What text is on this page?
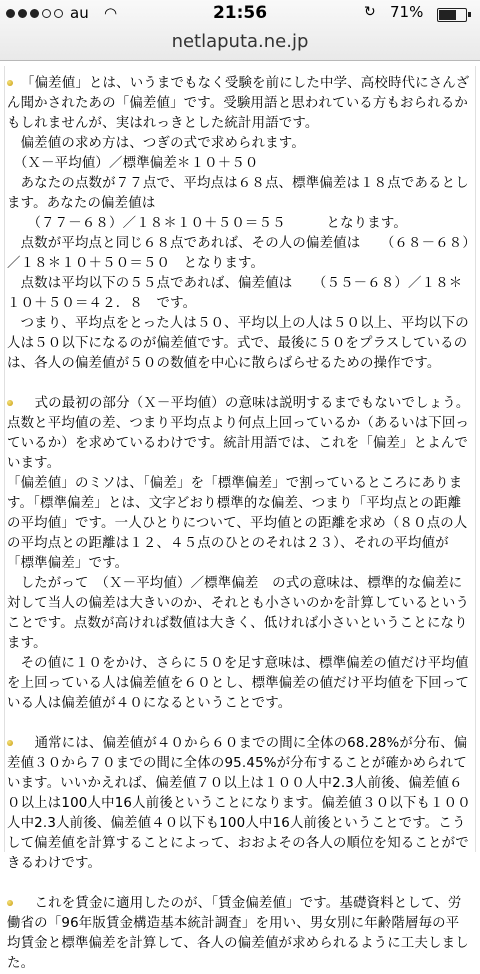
au ◠	21:56	↻ 71%
netlaputa.ne.jp

「偏差値」とは、いうまでもなく受験を前にした中学、高校時代にさんざん聞かされたあの「偏差値」です。受験用語と思われている方もおられるかもしれませんが、実はれっきとした統計用語です。

　偏差値の求め方は、つぎの式で求められます。

　（Ｘ－平均値）／標準偏差＊１０＋５０

　あなたの点数が７７点で、平均点は６８点、標準偏差は１８点であるとします。あなたの偏差値は

　　（７７－６８）／１８＊１０＋５０＝５５　　　となります。

　点数が平均点と同じ６８点であれば、その人の偏差値は　　（６８－６８）／１８＊１０＋５０＝５０　となります。

　点数は平均以下の５５点であれば、偏差値は　　（５５－６８）／１８＊１０＋５０＝４２．８　です。

　つまり、平均点をとった人は５０、平均以上の人は５０以上、平均以下の人は５０以下になるのが偏差値です。式で、最後に５０をプラスしているのは、各人の偏差値が５０の数値を中心に散らばらせるための操作です。

　式の最初の部分（Ｘ－平均値）の意味は説明するまでもないでしょう。点数と平均値の差、つまり平均点より何点上回っているか（あるいは下回っているか）を求めているわけです。統計用語では、これを「偏差」とよんでいます。

「偏差値」のミソは、「偏差」を「標準偏差」で割っているところにあります。「標準偏差」とは、文字どおり標準的な偏差、つまり「平均点との距離の平均値」です。一人ひとりについて、平均値との距離を求め（８０点の人の平均点との距離は１２、４５点のひとのそれは２３）、それの平均値が「標準偏差」です。

　したがって　（Ｘ－平均値）／標準偏差　の式の意味は、標準的な偏差に対して当人の偏差は大きいのか、それとも小さいのかを計算しているということです。点数が高ければ数値は大きく、低ければ小さいということになります。

　その値に１０をかけ、さらに５０を足す意味は、標準偏差の値だけ平均値を上回っている人は偏差値を６０とし、標準偏差の値だけ平均値を下回っている人は偏差値が４０になるということです。

　通常には、偏差値が４０から６０までの間に全体の68.28%が分布、偏差値３０から７０までの間に全体の95.45%が分布することが確かめられています。いいかえれば、偏差値７０以上は１００人中2.3人前後、偏差値６０以上は100人中16人前後ということになります。偏差値３０以下も１００人中2.3人前後、偏差値４０以下も100人中16人前後ということです。こうして偏差値を計算することによって、おおよその各人の順位を知ることができるわけです。

　これを賃金に適用したのが、「賃金偏差値」です。基礎資料として、労働省の「96年版賃金構造基本統計調査」を用い、男女別に年齢階層毎の平均賃金と標準偏差を計算して、各人の偏差値が求められるように工夫しました。
